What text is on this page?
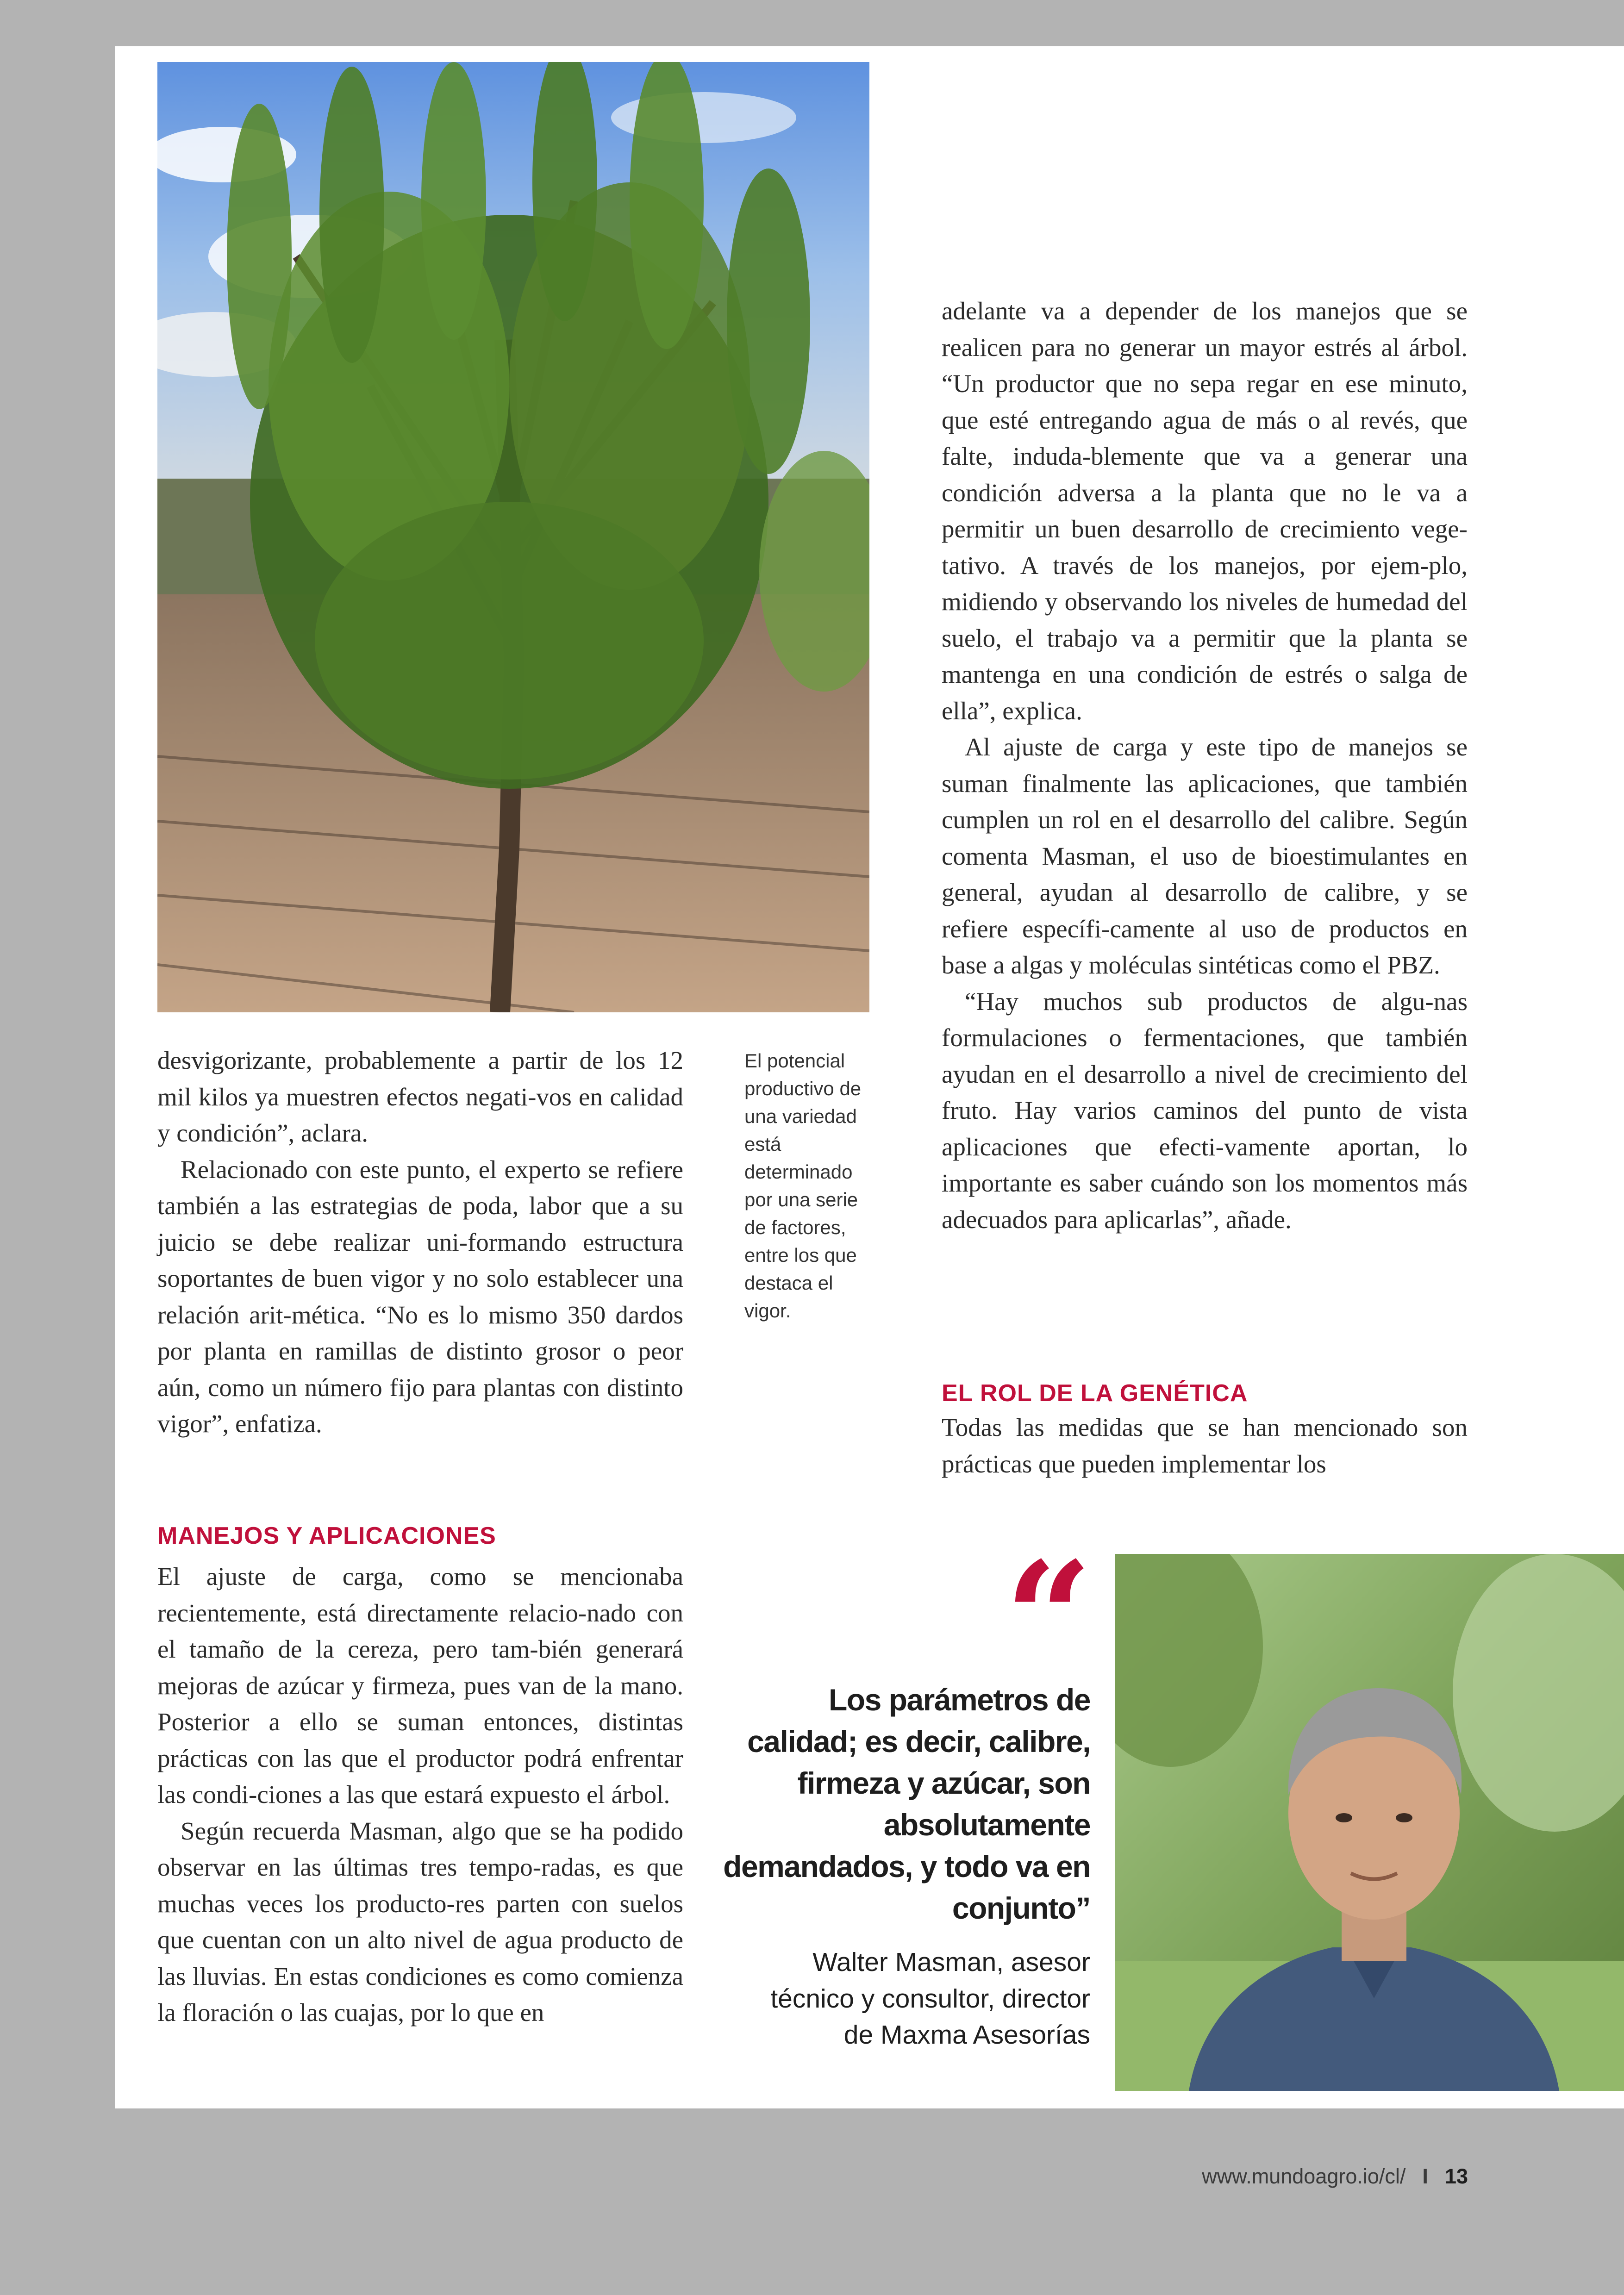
desvigorizante, probablemente a partir de los 12 mil kilos ya muestren efectos negati-vos en calidad y condición”, aclara.

Relacionado con este punto, el experto se refiere también a las estrategias de poda, labor que a su juicio se debe realizar uni-formando estructura soportantes de buen vigor y no solo establecer una relación arit-mética. “No es lo mismo 350 dardos por planta en ramillas de distinto grosor o peor aún, como un número fijo para plantas con distinto vigor”, enfatiza.

El potencial productivo de una variedad está determinado por una serie de factores, entre los que destaca el vigor.
MANEJOS Y APLICACIONES

El ajuste de carga, como se mencionaba recientemente, está directamente relacio-nado con el tamaño de la cereza, pero tam-bién generará mejoras de azúcar y firmeza, pues van de la mano. Posterior a ello se suman entonces, distintas prácticas con las que el productor podrá enfrentar las condi-ciones a las que estará expuesto el árbol.

Según recuerda Masman, algo que se ha podido observar en las últimas tres tempo-radas, es que muchas veces los producto-res parten con suelos que cuentan con un alto nivel de agua producto de las lluvias. En estas condiciones es como comienza la floración o las cuajas, por lo que en

adelante va a depender de los manejos que se realicen para no generar un mayor estrés al árbol. “Un productor que no sepa regar en ese minuto, que esté entregando agua de más o al revés, que falte, induda-blemente que va a generar una condición adversa a la planta que no le va a permitir un buen desarrollo de crecimiento vege-tativo. A través de los manejos, por ejem-plo, midiendo y observando los niveles de humedad del suelo, el trabajo va a permitir que la planta se mantenga en una condición de estrés o salga de ella”, explica.

Al ajuste de carga y este tipo de manejos se suman finalmente las aplicaciones, que también cumplen un rol en el desarrollo del calibre. Según comenta Masman, el uso de bioestimulantes en general, ayudan al desarrollo de calibre, y se refiere específi-camente al uso de productos en base a algas y moléculas sintéticas como el PBZ.

“Hay muchos sub productos de algu-nas formulaciones o fermentaciones, que también ayudan en el desarrollo a nivel de crecimiento del fruto. Hay varios caminos del punto de vista aplicaciones que efecti-vamente aportan, lo importante es saber cuándo son los momentos más adecuados para aplicarlas”, añade.

EL ROL DE LA GENÉTICA

Todas las medidas que se han mencionado son prácticas que pueden implementar los

“
Los parámetros de calidad; es decir, calibre, firmeza y azúcar, son absolutamente demandados, y todo va en conjunto”
Walter Masman, asesor técnico y consultor, director de Maxma Asesorías
www.mundoagro.io/cl/ I 13
